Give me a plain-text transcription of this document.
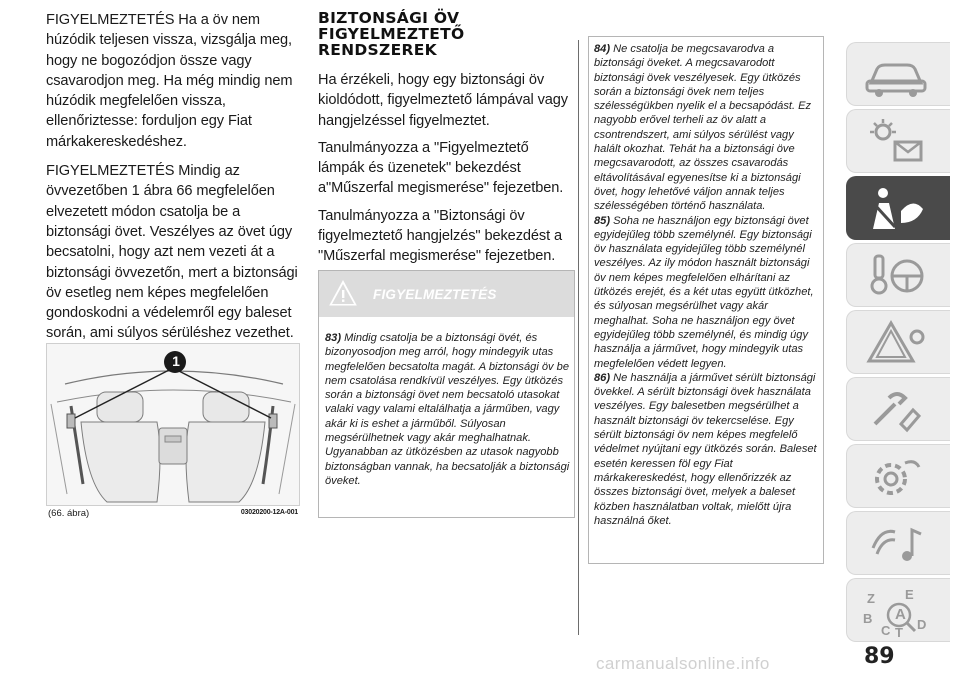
FIGYELMEZTETÉS Ha a öv nem húzódik teljesen vissza, vizsgálja meg, hogy ne bogozódjon össze vagy csavarodjon meg. Ha még mindig nem húzódik megfelelően vissza, ellenőriztesse: forduljon egy Fiat márkakereskedéshez.

FIGYELMEZTETÉS Mindig az övvezetőben 1 ábra 66 megfelelően elvezetett módon csatolja be a biztonsági övet. Veszélyes az övet úgy becsatolni, hogy azt nem vezeti át a biztonsági övvezetőn, mert a biztonsági öv esetleg nem képes megfelelően gondoskodni a védelemről egy baleset során, ami súlyos sérüléshez vezethet.

1
(66. ábra)	03020200-12A-001
BIZTONSÁGI ÖV
FIGYELMEZTETŐ
RENDSZEREK

Ha érzékeli, hogy egy biztonsági öv kioldódott, figyelmeztető lámpával vagy hangjelzéssel figyelmeztet.

Tanulmányozza a "Figyelmeztető lámpák és üzenetek" bekezdést a"Műszerfal megismerése" fejezetben.

Tanulmányozza a "Biztonsági öv figyelmeztető hangjelzés" bekezdést a "Műszerfal megismerése" fejezetben.

FIGYELMEZTETÉS
83) Mindig csatolja be a biztonsági övét, és bizonyosodjon meg arról, hogy mindegyik utas megfelelően becsatolta magát. A biztonsági öv be nem csatolása rendkívül veszélyes. Egy ütközés során a biztonsági övet nem becsatoló utasokat valaki vagy valami eltalálhatja a járműben, vagy akár ki is eshet a járműből. Súlyosan megsérülhetnek vagy akár meghalhatnak. Ugyanabban az ütközésben az utasok nagyobb biztonságban vannak, ha becsatolják a biztonsági öveket.
84) Ne csatolja be megcsavarodva a biztonsági öveket. A megcsavarodott biztonsági övek veszélyesek. Egy ütközés során a biztonsági övek nem teljes szélességükben nyelik el a becsapódást. Ez nagyobb erővel terheli az öv alatt a csontrendszert, ami súlyos sérülést vagy halált okozhat. Tehát ha a biztonsági öve megcsavarodott, az összes csavarodás eltávolításával egyenesítse ki a biztonsági övet, hogy lehetővé váljon annak teljes szélességében történő használata.
85) Soha ne használjon egy biztonsági övet egyidejűleg több személynél. Egy biztonsági öv használata egyidejűleg több személynél veszélyes. Az ily módon használt biztonsági öv nem képes megfelelően elhárítani az ütközés erejét, és a két utas együtt ütközhet, és súlyosan megsérülhet vagy akár meghalhat. Soha ne használjon egy övet egyidejűleg több személynél, és mindig úgy használja a járművet, hogy mindegyik utas megfelelően védett legyen.
86) Ne használja a járművet sérült biztonsági övekkel. A sérült biztonsági övek használata veszélyes. Egy balesetben megsérülhet a használt biztonsági öv tekercselése. Egy sérült biztonsági öv nem képes megfelelő védelmet nyújtani egy ütközés során. Baleset esetén keressen föl egy Fiat márkakereskedést, hogy ellenőrizzék az összes biztonsági övet, melyek a baleset közben használatban voltak, mielőtt újra használná őket.
Z E
B
C T
A
D
89
carmanualsonline.info
